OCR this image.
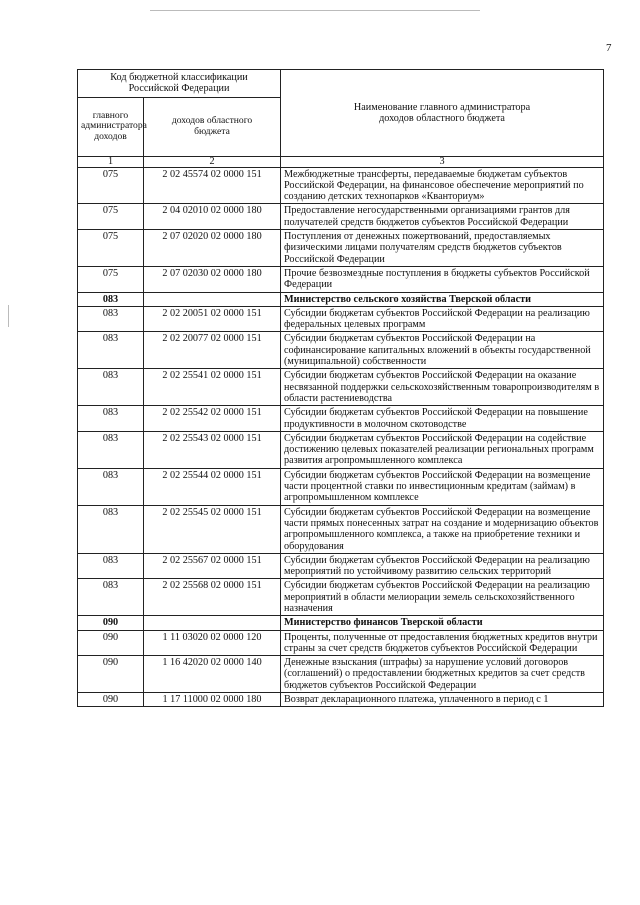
7
Код бюджетной классификации Российской Федерации		Наименование главного администратора доходов областного бюджета
главного администратора доходов	доходов областного бюджета	
1	2	3
075	2 02 45574 02 0000 151	Межбюджетные трансферты, передаваемые бюджетам субъектов Российской Федерации, на финансовое обеспечение мероприятий по созданию детских технопарков «Кванториум»
075	2 04 02010 02 0000 180	Предоставление негосударственными организациями грантов для получателей средств бюджетов субъектов Российской Федерации
075	2 07 02020 02 0000 180	Поступления от денежных пожертвований, предоставляемых физическими лицами получателям средств бюджетов субъектов Российской Федерации
075	2 07 02030 02 0000 180	Прочие безвозмездные поступления в бюджеты субъектов Российской Федерации
083		Министерство сельского хозяйства Тверской области
083	2 02 20051 02 0000 151	Субсидии бюджетам субъектов Российской Федерации на реализацию федеральных целевых программ
083	2 02 20077 02 0000 151	Субсидии бюджетам субъектов Российской Федерации на софинансирование капитальных вложений в объекты государственной (муниципальной) собственности
083	2 02 25541 02 0000 151	Субсидии бюджетам субъектов Российской Федерации на оказание несвязанной поддержки сельскохозяйственным товаропроизводителям в области растениеводства
083	2 02 25542 02 0000 151	Субсидии бюджетам субъектов Российской Федерации на повышение продуктивности в молочном скотоводстве
083	2 02 25543 02 0000 151	Субсидии бюджетам субъектов Российской Федерации на содействие достижению целевых показателей реализации региональных программ развития агропромышленного комплекса
083	2 02 25544 02 0000 151	Субсидии бюджетам субъектов Российской Федерации на возмещение части процентной ставки по инвестиционным кредитам (займам) в агропромышленном комплексе
083	2 02 25545 02 0000 151	Субсидии бюджетам субъектов Российской Федерации на возмещение части прямых понесенных затрат на создание и модернизацию объектов агропромышленного комплекса, а также на приобретение техники и оборудования
083	2 02 25567 02 0000 151	Субсидии бюджетам субъектов Российской Федерации на реализацию мероприятий по устойчивому развитию сельских территорий
083	2 02 25568 02 0000 151	Субсидии бюджетам субъектов Российской Федерации на реализацию мероприятий в области мелиорации земель сельскохозяйственного назначения
090		Министерство финансов Тверской области
090	1 11 03020 02 0000 120	Проценты, полученные от предоставления бюджетных кредитов внутри страны за счет средств бюджетов субъектов Российской Федерации
090	1 16 42020 02 0000 140	Денежные взыскания (штрафы) за нарушение условий договоров (соглашений) о предоставлении бюджетных кредитов за счет средств бюджетов субъектов Российской Федерации
090	1 17 11000 02 0000 180	Возврат декларационного платежа, уплаченного в период с 1
